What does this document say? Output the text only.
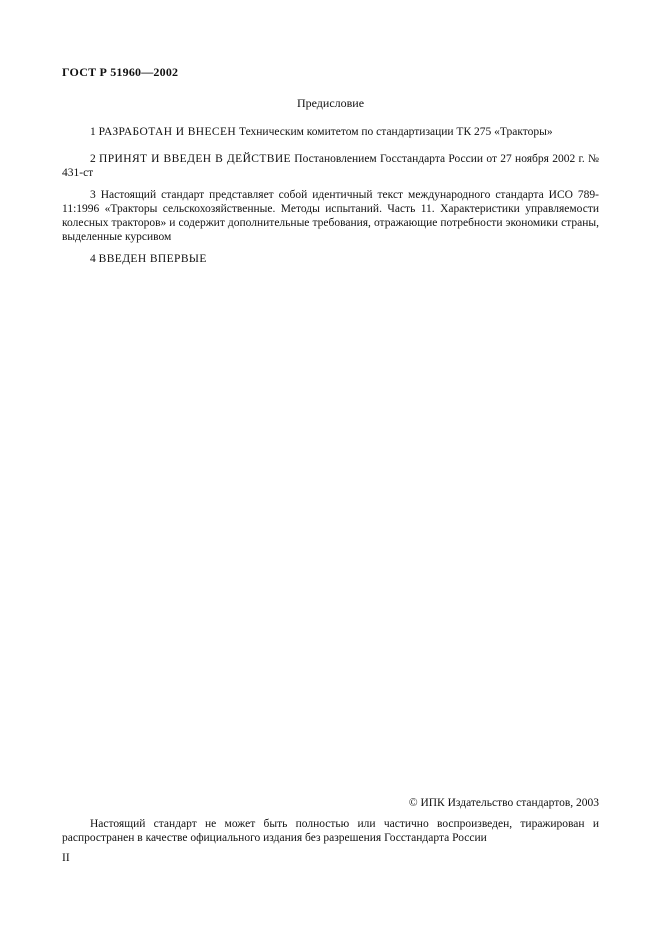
ГОСТ Р 51960—2002
Предисловие
1 РАЗРАБОТАН И ВНЕСЕН Техническим комитетом по стандартизации ТК 275 «Тракторы»
2 ПРИНЯТ И ВВЕДЕН В ДЕЙСТВИЕ Постановлением Госстандарта России от 27 ноября 2002 г. № 431-ст
3 Настоящий стандарт представляет собой идентичный текст международного стандарта ИСО 789-11:1996 «Тракторы сельскохозяйственные. Методы испытаний. Часть 11. Характеристики управляемости колесных тракторов» и содержит дополнительные требования, отражающие потребности экономики страны, выделенные курсивом
4 ВВЕДЕН ВПЕРВЫЕ
© ИПК Издательство стандартов, 2003
Настоящий стандарт не может быть полностью или частично воспроизведен, тиражирован и распространен в качестве официального издания без разрешения Госстандарта России
II
